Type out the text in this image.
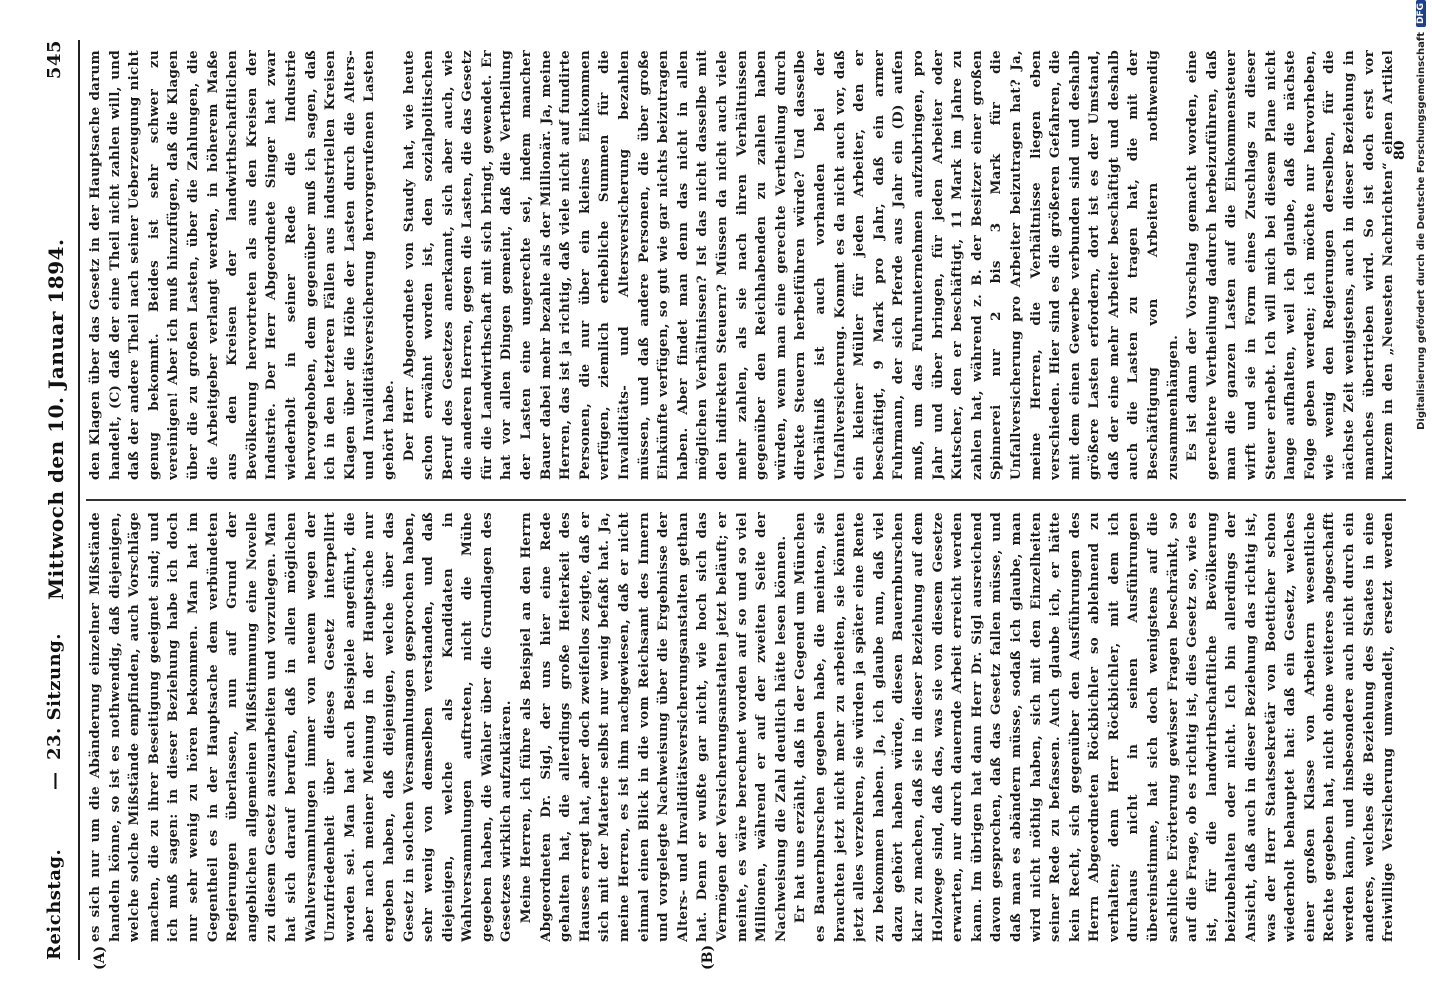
Reichstag.
—
23. Sitzung.
Mittwoch den 10. Januar 1894.
545
(A)	(B)

es sich nur um die Abänderung einzelner Mißstände handeln könne, so ist es nothwendig, daß diejenigen, welche solche Mißstände empfinden, auch Vorschläge machen, die zu ihrer Beseitigung geeignet sind; und ich muß sagen: in dieser Beziehung habe ich doch nur sehr wenig zu hören bekommen. Man hat im Gegentheil es in der Hauptsache dem verbündeten Regierungen überlassen, nun auf Grund der angeblichen allgemeinen Mißstimmung eine Novelle zu diesem Gesetz auszuarbeiten und vorzulegen. Man hat sich darauf berufen, daß in allen möglichen Wahlversammlungen immer von neuem wegen der Unzufriedenheit über dieses Gesetz interpellirt worden sei. Man hat auch Beispiele angeführt, die aber nach meiner Meinung in der Hauptsache nur ergeben haben, daß diejenigen, welche über das Gesetz in solchen Versammlungen gesprochen haben, sehr wenig von demselben verstanden, und daß diejenigen, welche als Kandidaten in Wahlversammlungen auftreten, nicht die Mühe gegeben haben, die Wähler über die Grundlagen des Gesetzes wirklich aufzuklären. Meine Herren, ich führe als Beispiel an den Herrn Abgeordneten Dr. Sigl, der uns hier eine Rede gehalten hat, die allerdings große Heiterkeit des Hauses erregt hat, aber doch zweifellos zeigte, daß er sich mit der Materie selbst nur wenig befaßt hat. Ja, meine Herren, es ist ihm nachgewiesen, daß er nicht einmal einen Blick in die vom Reichsamt des Innern und vorgelegte Nachweisung über die Ergebnisse der Alters- und Invaliditätsversicherungsanstalten gethan hat. Denn er wußte gar nicht, wie hoch sich das Vermögen der Versicherungsanstalten jetzt beläuft; er meinte, es wäre berechnet worden auf so und so viel Millionen, während er auf der zweiten Seite der Nachweisung die Zahl deutlich hätte lesen können. Er hat uns erzählt, daß in der Gegend um München es Bauernburschen gegeben habe, die meinten, sie brauchten jetzt nicht mehr zu arbeiten, sie könnten jetzt alles verzehren, sie würden ja später eine Rente zu bekommen haben. Ja, ich glaube nun, daß viel dazu gehört haben würde, diesen Bauernburschen klar zu machen, daß sie in dieser Beziehung auf dem Holzwege sind, daß das, was sie von diesem Gesetze erwarten, nur durch dauernde Arbeit erreicht werden kann. Im übrigen hat dann Herr Dr. Sigl ausreichend davon gesprochen, daß das Gesetz fallen müsse, und daß man es abändern müsse, sodaß ich glaube, man wird nicht nöthig haben, sich mit den Einzelheiten seiner Rede zu befassen. Auch glaube ich, er hätte kein Recht, sich gegenüber den Ausführungen des Herrn Abgeordneten Röckbichler so ablehnend zu verhalten; denn Herr Röckbichler, mit dem ich durchaus nicht in seinen Ausführungen übereinstimme, hat sich doch wenigstens auf die sachliche Erörterung gewisser Fragen beschränkt, so auf die Frage, ob es richtig ist, dies Gesetz so, wie es ist, für die landwirthschaftliche Bevölkerung beizubehalten oder nicht. Ich bin allerdings der Ansicht, daß auch in dieser Beziehung das richtig ist, was der Herr Staatssekretär von Boetticher schon wiederholt behauptet hat: daß ein Gesetz, welches einer großen Klasse von Arbeitern wesentliche Rechte gegeben hat, nicht ohne weiteres abgeschafft werden kann, und insbesondere auch nicht durch ein anderes, welches die Beziehung des Staates in eine freiwillige Versicherung umwandelt, ersetzt werden

den Klagen über das Gesetz in der Hauptsache darum handelt, (C) daß der eine Theil nicht zahlen will, und daß der andere Theil nach seiner Ueberzeugung nicht genug bekommt. Beides ist sehr schwer zu vereinigen! Aber ich muß hinzufügen, daß die Klagen über die zu großen Lasten, über die Zahlungen, die die Arbeitgeber verlangt werden, in höherem Maße aus den Kreisen der landwirthschaftlichen Bevölkerung hervortreten als aus den Kreisen der Industrie. Der Herr Abgeordnete Singer hat zwar wiederholt in seiner Rede die Industrie hervorgehoben, dem gegenüber muß ich sagen, daß ich in den letzteren Fällen aus industriellen Kreisen Klagen über die Höhe der Lasten durch die Alters- und Invaliditätsversicherung hervorgerufenen Lasten gehört habe. Der Herr Abgeordnete von Staudy hat, wie heute schon erwähnt worden ist, den sozialpolitischen Beruf des Gesetzes anerkannt, sich aber auch, wie die anderen Herren, gegen die Lasten, die das Gesetz für die Landwirthschaft mit sich bringt, gewendet. Er hat vor allen Dingen gemeint, daß die Vertheilung der Lasten eine ungerechte sei, indem mancher Bauer dabei mehr bezahle als der Millionär. Ja, meine Herren, das ist ja richtig, daß viele nicht auf fundirte Personen, die nur über ein kleines Einkommen verfügen, ziemlich erhebliche Summen für die Invaliditäts- und Altersversicherung bezahlen müssen, und daß andere Personen, die über große Einkünfte verfügen, so gut wie gar nichts beizutragen haben. Aber findet man denn das nicht in allen möglichen Verhältnissen? Ist das nicht dasselbe mit den indirekten Steuern? Müssen da nicht auch viele mehr zahlen, als sie nach ihren Verhältnissen gegenüber den Reichhabenden zu zahlen haben würden, wenn man eine gerechte Vertheilung durch direkte Steuern herbeiführen würde? Und dasselbe Verhältniß ist auch vorhanden bei der Unfallversicherung. Kommt es da nicht auch vor, daß ein kleiner Müller für jeden Arbeiter, den er beschäftigt, 9 Mark pro Jahr, daß ein armer Fuhrmann, der sich Pferde aus Jahr ein (D) aufen muß, um das Fuhrunternehmen aufzubringen, pro Jahr und über bringen, für jeden Arbeiter oder Kutscher, den er beschäftigt, 11 Mark im Jahre zu zahlen hat, während z. B. der Besitzer einer großen Spinnerei nur 2 bis 3 Mark für die Unfallversicherung pro Arbeiter beizutragen hat? Ja, meine Herren, die Verhältnisse liegen eben verschieden. Hier sind es die größeren Gefahren, die mit dem einen Gewerbe verbunden sind und deshalb größere Lasten erfordern, dort ist es der Umstand, daß der eine mehr Arbeiter beschäftigt und deshalb auch die Lasten zu tragen hat, die mit der Beschäftigung von Arbeitern nothwendig zusammenhängen. Es ist dann der Vorschlag gemacht worden, eine gerechtere Vertheilung dadurch herbeizuführen, daß man die ganzen Lasten auf die Einkommensteuer wirft und sie in Form eines Zuschlags zu dieser Steuer erhebt. Ich will mich bei diesem Plane nicht lange aufhalten, weil ich glaube, daß die nächste Folge geben werden; ich möchte nur hervorheben, wie wenig den Regierungen derselben, für die nächste Zeit wenigstens, auch in dieser Beziehung in manches übertrieben wird. So ist doch erst vor kurzem in den „Neuesten Nachrichten“ einen Artikel

80 Digitalisierung gefördert durch die Deutsche ForschungsgemeinschaftDFG
